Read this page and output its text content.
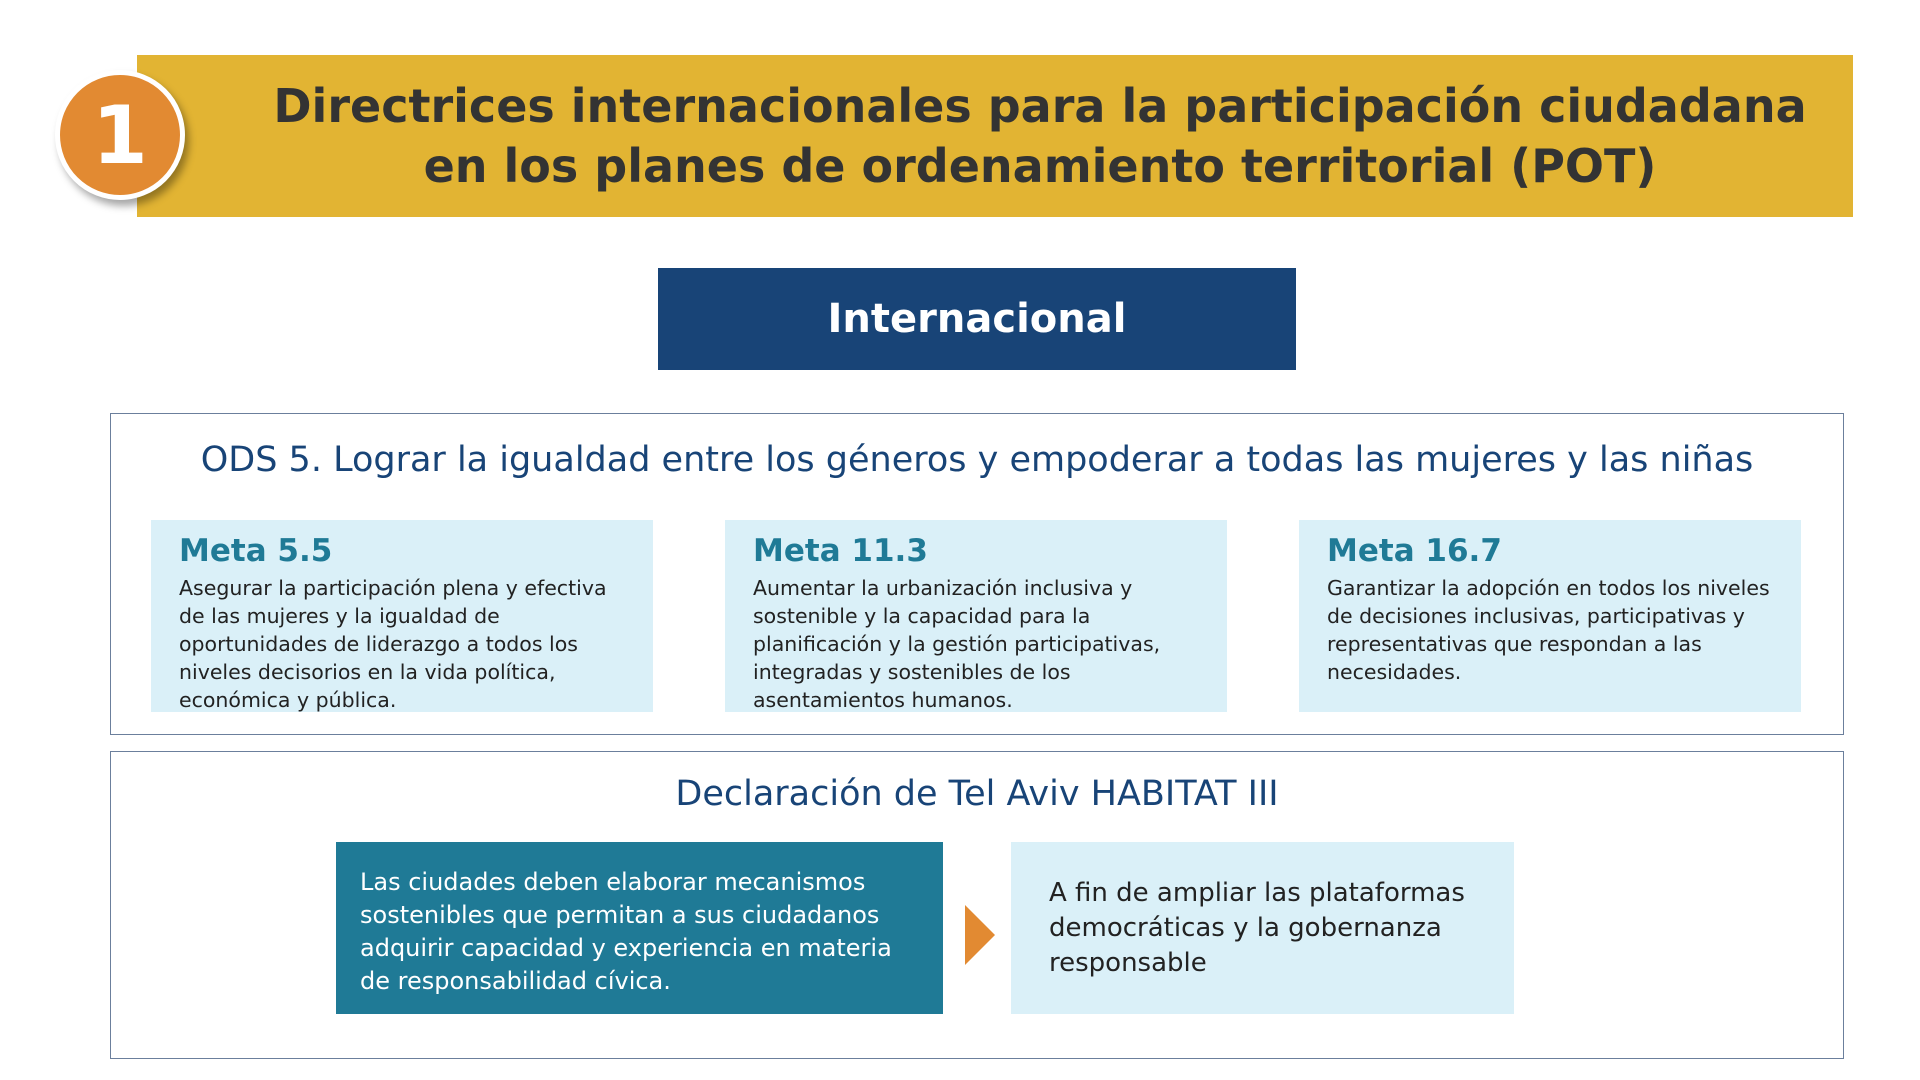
Directrices internacionales para la participación ciudadana
en los planes de ordenamiento territorial (POT)
1
Internacional
ODS 5. Lograr la igualdad entre los géneros y empoderar a todas las mujeres y las niñas
Meta 5.5
Asegurar la participación plena y efectiva de las mujeres y la igualdad de oportunidades de liderazgo a todos los niveles decisorios en la vida política, económica y pública.
Meta 11.3
Aumentar la urbanización inclusiva y sostenible y la capacidad para la planificación y la gestión participativas, integradas y sostenibles de los asentamientos humanos.
Meta 16.7
Garantizar la adopción en todos los niveles de decisiones inclusivas, participativas y representativas que respondan a las necesidades.
Declaración de Tel Aviv HABITAT III
Las ciudades deben elaborar mecanismos sostenibles que permitan a sus ciudadanos adquirir capacidad y experiencia en materia de responsabilidad cívica.
A fin de ampliar las plataformas democráticas y la gobernanza responsable
